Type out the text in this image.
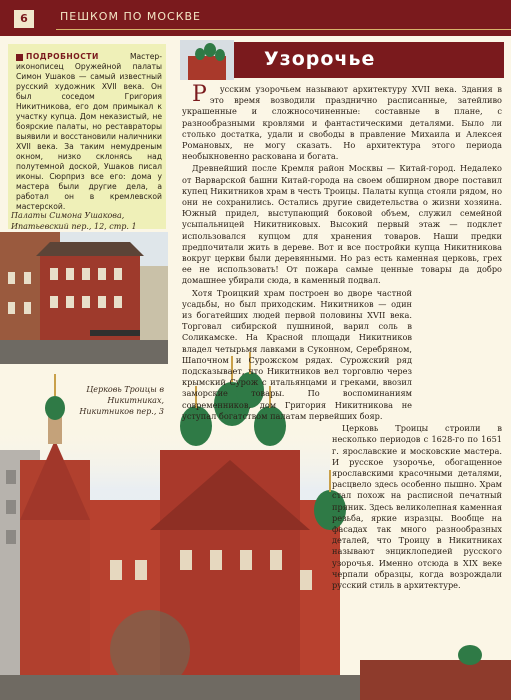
6	ПЕШКОМ ПО МОСКВЕ

ПОДРОБНОСТИ	Мастер-иконописец Оружейной палаты Симон Ушаков — самый известный русский художник XVII века. Он был соседом Григория Никитникова, его дом примыкал к участку купца. Дом неказистый, не боярские палаты, но реставраторы выявили и восстановили наличники XVII века. За таким немудреным окном, низко склонясь над полутемной доской, Ушаков писал иконы. Сюрприз все его: дома у мастера были другие дела, а работал он в кремлевской мастерской.

Палаты Симона Ушакова, Ипатьевский пер., 12, стр. 1
Церковь Троицы в Никитниках, Никитников пер., 3
Узорочье

Р усским узорочьем называют архитектуру XVII века. Здания в это время возводили празднично расписанные, затейливо украшенные и сложносочиненные: составные в плане, с разнообразными кровлями и фантастическими деталями. Было ли столько достатка, удали и свободы в правление Михаила и Алексея Романовых, не могу сказать. Но архитектура этого периода необыкновенно раскована и богата.

Древнейший после Кремля район Москвы — Китай-город. Недалеко от Варварской башни Китай-города на своем обширном дворе поставил купец Никитников храм в честь Троицы. Палаты купца стояли рядом, но они не сохранились. Остались другие свидетельства о жизни хозяина. Южный придел, выступающий боковой объем, служил семейной усыпальницей Никитниковых. Высокий первый этаж — подклет использовался купцом для хранения товаров. Наши предки предпочитали жить в дереве. Вот и все постройки купца Никитникова вокруг церкви были деревянными. Но раз есть каменная церковь, грех ее не использовать! От пожара самые ценные товары да добро домашнее убирали сюда, в каменный подвал.

Хотя Троицкий храм построен во дворе частной усадьбы, но был приходским. Никитников — один из богатейших людей первой половины XVII века. Торговал сибирской пушниной, варил соль в Соликамске. На Красной площади Никитников владел четырьмя лавками в Суконном, Серебряном, Шапочном и Сурожском рядах. Сурожский ряд подсказывает, что Никитников вел торговлю через крымский Сурож с итальянцами и греками, ввозил заморские товары. По воспоминаниям современников, дом Григория Никитникова не уступал богатством палатам первейших бояр.

Церковь Троицы строили в несколько периодов с 1628-го по 1651 г. ярославские и московские мастера. И русское узорочье, обогащенное ярославскими красочными деталями, расцвело здесь особенно пышно. Храм стал похож на расписной печатный пряник. Здесь великолепная каменная резьба, яркие изразцы. Вообще на фасадах так много разнообразных деталей, что Троицу в Никитниках называют энциклопедией русского узорочья. Именно отсюда в XIX веке черпали образцы, когда возрождали русский стиль в архитектуре.
